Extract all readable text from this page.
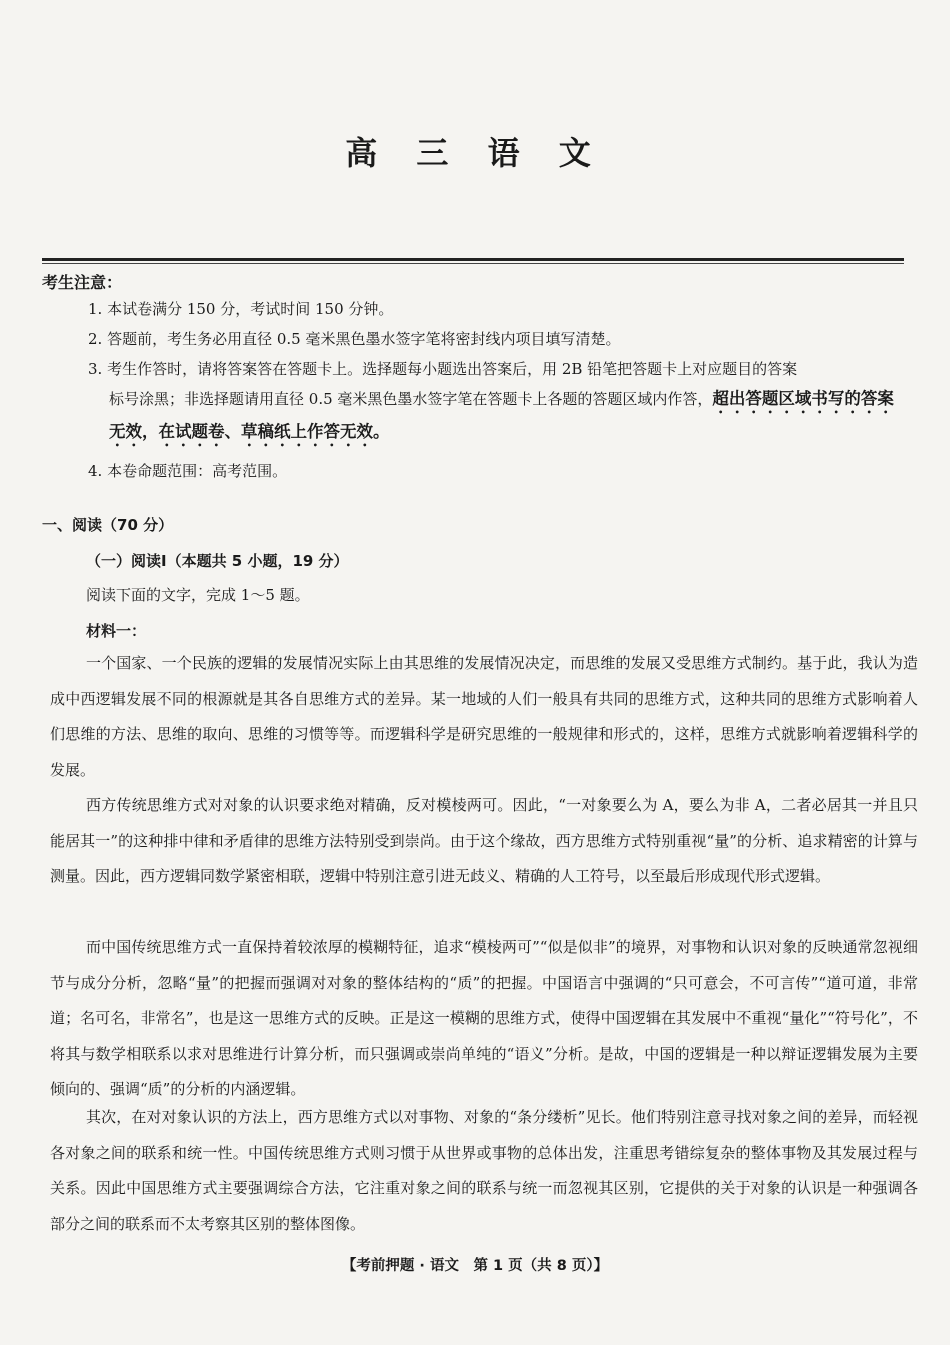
高 三 语 文
考生注意：
1. 本试卷满分 150 分，考试时间 150 分钟。
2. 答题前，考生务必用直径 0.5 毫米黑色墨水签字笔将密封线内项目填写清楚。
3. 考生作答时，请将答案答在答题卡上。选择题每小题选出答案后，用 2B 铅笔把答题卡上对应题目的答案
标号涂黑；非选择题请用直径 0.5 毫米黑色墨水签字笔在答题卡上各题的答题区域内作答，超出答题区域书写的答案无效，在试题卷、草稿纸上作答无效。
4. 本卷命题范围：高考范围。
一、阅读（70 分）
（一）阅读Ⅰ（本题共 5 小题，19 分）
阅读下面的文字，完成 1～5 题。
材料一：

一个国家、一个民族的逻辑的发展情况实际上由其思维的发展情况决定，而思维的发展又受思维方式制约。基于此，我认为造成中西逻辑发展不同的根源就是其各自思维方式的差异。某一地域的人们一般具有共同的思维方式，这种共同的思维方式影响着人们思维的方法、思维的取向、思维的习惯等等。而逻辑科学是研究思维的一般规律和形式的，这样，思维方式就影响着逻辑科学的发展。

西方传统思维方式对对象的认识要求绝对精确，反对模棱两可。因此，“一对象要么为 A，要么为非 A，二者必居其一并且只能居其一”的这种排中律和矛盾律的思维方法特别受到崇尚。由于这个缘故，西方思维方式特别重视“量”的分析、追求精密的计算与测量。因此，西方逻辑同数学紧密相联，逻辑中特别注意引进无歧义、精确的人工符号，以至最后形成现代形式逻辑。

而中国传统思维方式一直保持着较浓厚的模糊特征，追求“模棱两可”“似是似非”的境界，对事物和认识对象的反映通常忽视细节与成分分析，忽略“量”的把握而强调对对象的整体结构的“质”的把握。中国语言中强调的“只可意会，不可言传”“道可道，非常道；名可名，非常名”，也是这一思维方式的反映。正是这一模糊的思维方式，使得中国逻辑在其发展中不重视“量化”“符号化”，不将其与数学相联系以求对思维进行计算分析，而只强调或崇尚单纯的“语义”分析。是故，中国的逻辑是一种以辩证逻辑发展为主要倾向的、强调“质”的分析的内涵逻辑。

其次，在对对象认识的方法上，西方思维方式以对事物、对象的“条分缕析”见长。他们特别注意寻找对象之间的差异，而轻视各对象之间的联系和统一性。中国传统思维方式则习惯于从世界或事物的总体出发，注重思考错综复杂的整体事物及其发展过程与关系。因此中国思维方式主要强调综合方法，它注重对象之间的联系与统一而忽视其区别，它提供的关于对象的认识是一种强调各部分之间的联系而不太考察其区别的整体图像。

【考前押题 · 语文　第 1 页（共 8 页）】
